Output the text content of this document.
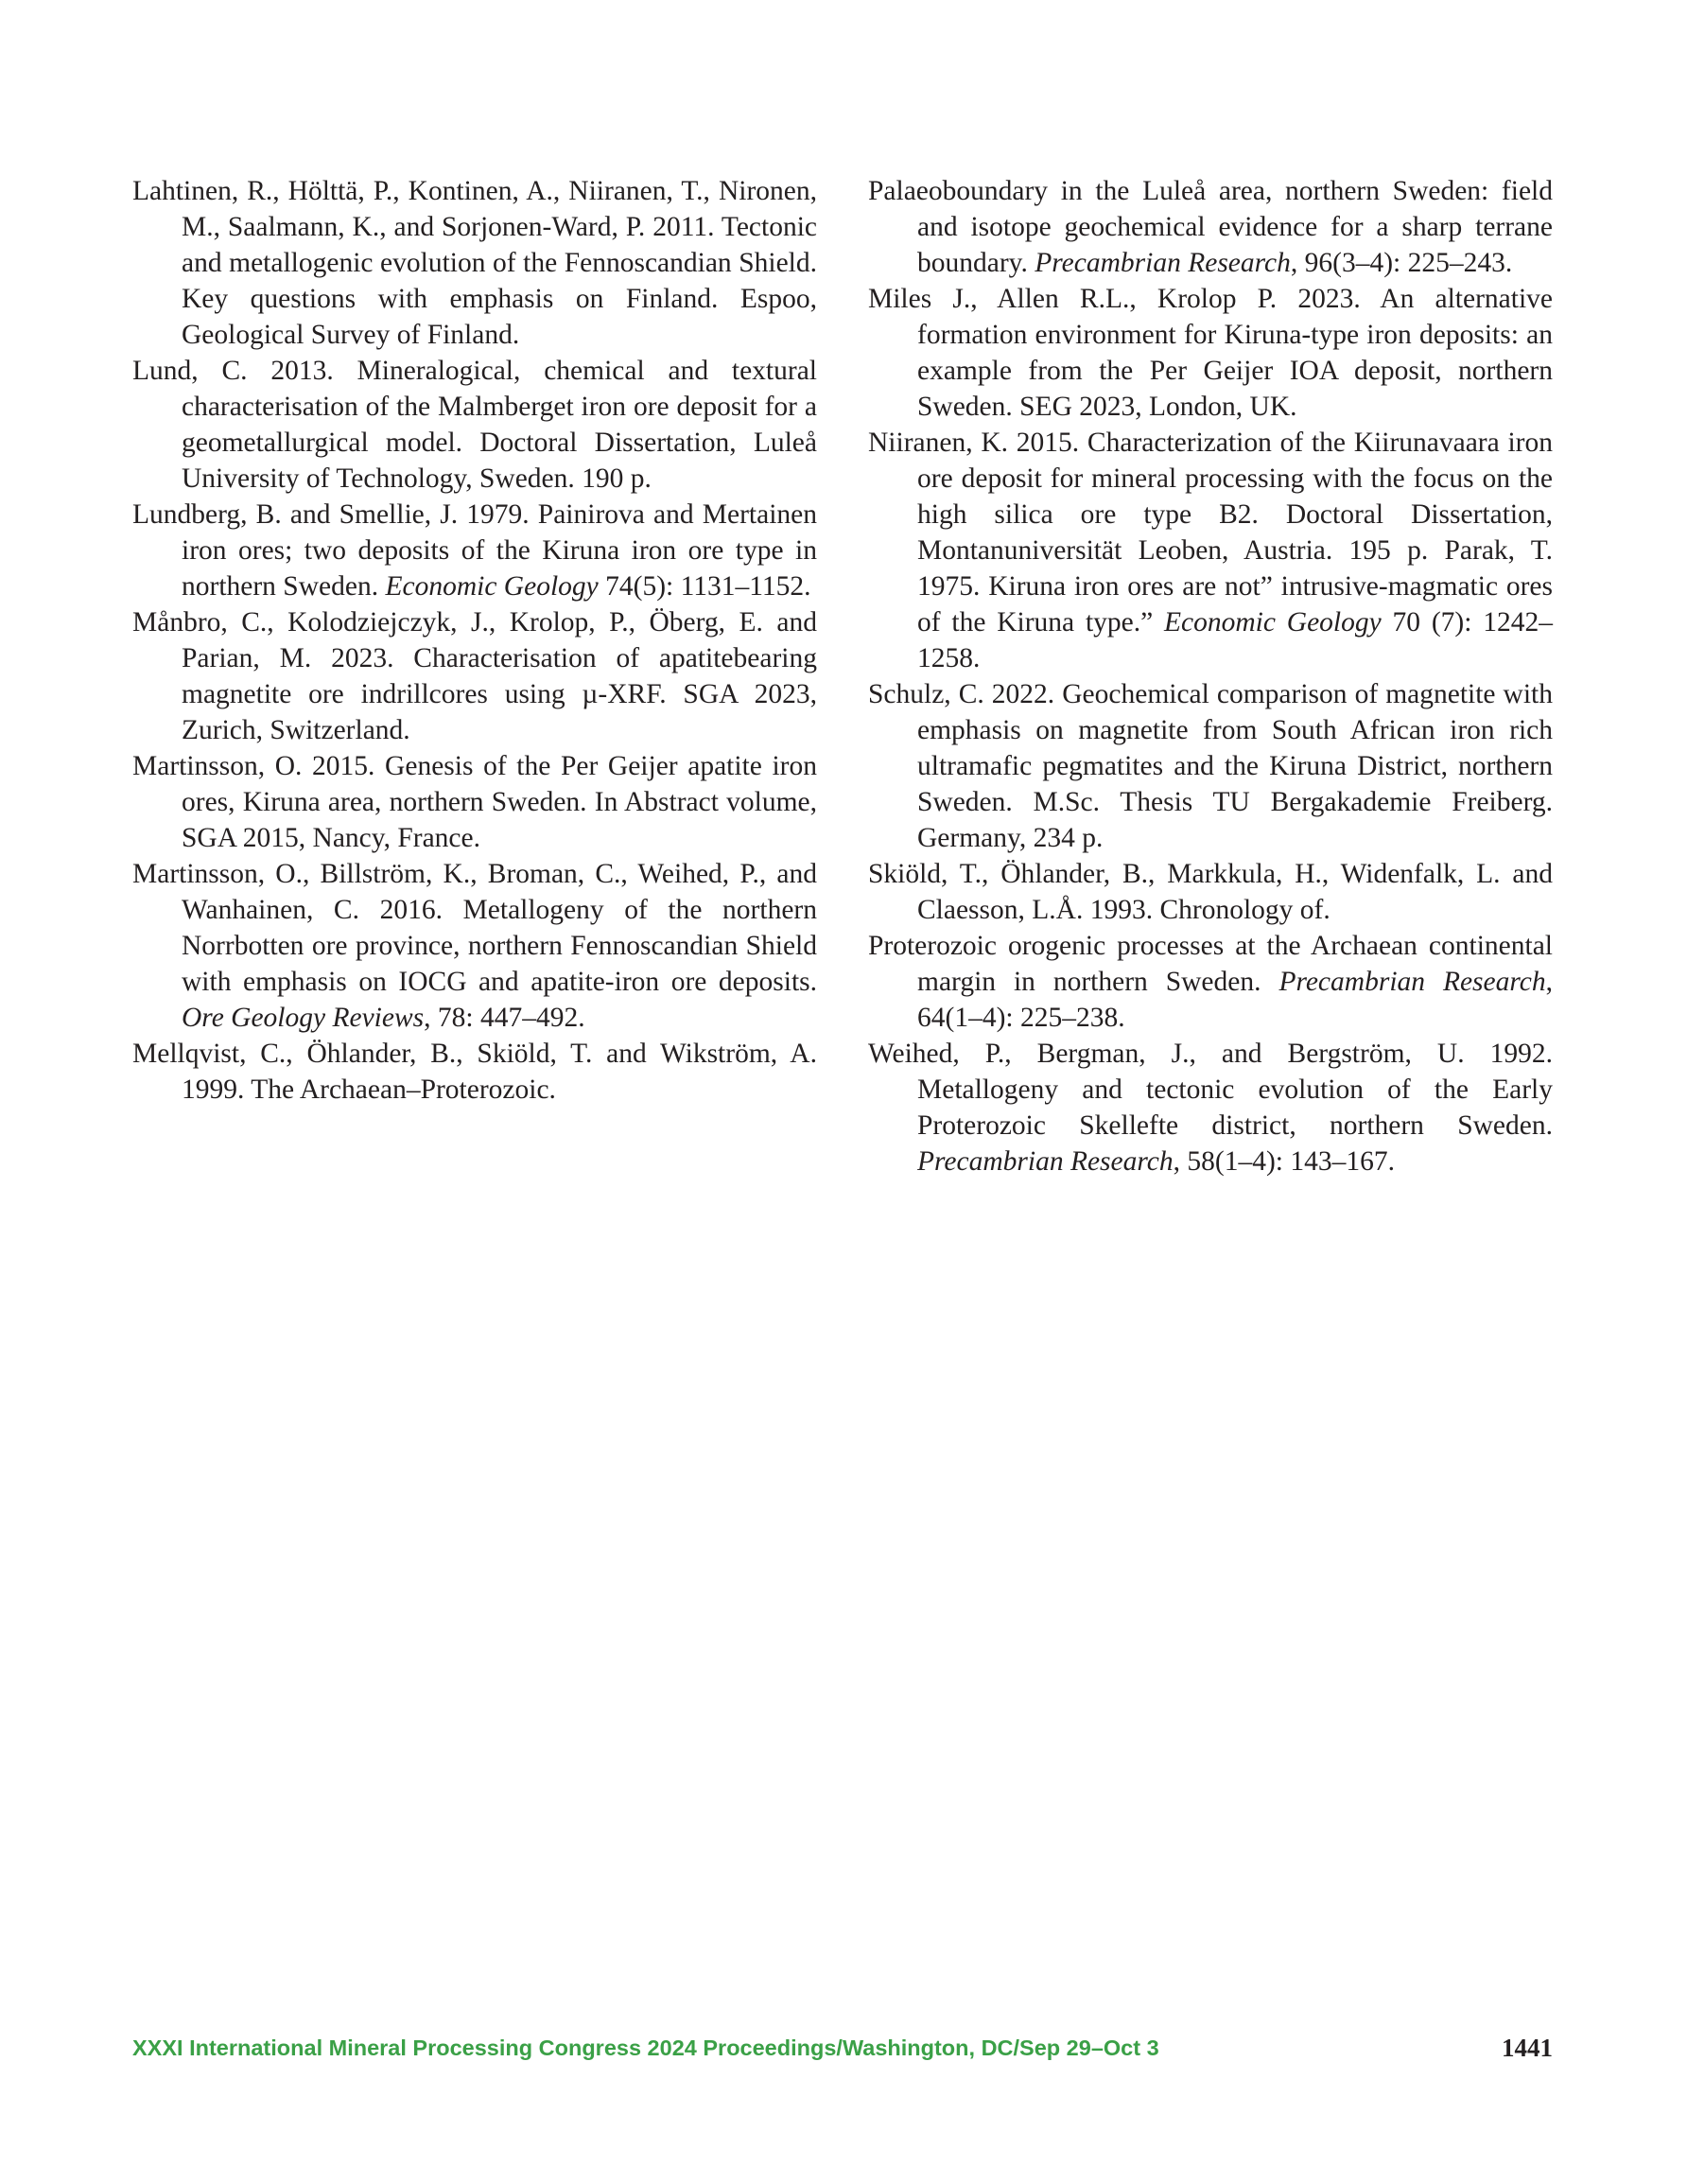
Lahtinen, R., Hölttä, P., Kontinen, A., Niiranen, T., Nironen, M., Saalmann, K., and Sorjonen-Ward, P. 2011. Tectonic and metallogenic evolution of the Fennoscandian Shield. Key questions with emphasis on Finland. Espoo, Geological Survey of Finland.

Lund, C. 2013. Mineralogical, chemical and textural characterisation of the Malmberget iron ore deposit for a geometallurgical model. Doctoral Dissertation, Luleå University of Technology, Sweden. 190 p.

Lundberg, B. and Smellie, J. 1979. Painirova and Mertainen iron ores; two deposits of the Kiruna iron ore type in northern Sweden. Economic Geology 74(5): 1131–1152.

Månbro, C., Kolodziejczyk, J., Krolop, P., Öberg, E. and Parian, M. 2023. Characterisation of apatitebearing magnetite ore indrillcores using µ-XRF. SGA 2023, Zurich, Switzerland.

Martinsson, O. 2015. Genesis of the Per Geijer apatite iron ores, Kiruna area, northern Sweden. In Abstract volume, SGA 2015, Nancy, France.

Martinsson, O., Billström, K., Broman, C., Weihed, P., and Wanhainen, C. 2016. Metallogeny of the northern Norrbotten ore province, northern Fennoscandian Shield with emphasis on IOCG and apatite-iron ore deposits. Ore Geology Reviews, 78: 447–492.

Mellqvist, C., Öhlander, B., Skiöld, T. and Wikström, A. 1999. The Archaean–Proterozoic.

Palaeoboundary in the Luleå area, northern Sweden: field and isotope geochemical evidence for a sharp terrane boundary. Precambrian Research, 96(3–4): 225–243.

Miles J., Allen R.L., Krolop P. 2023. An alternative formation environment for Kiruna-type iron deposits: an example from the Per Geijer IOA deposit, northern Sweden. SEG 2023, London, UK.

Niiranen, K. 2015. Characterization of the Kiirunavaara iron ore deposit for mineral processing with the focus on the high silica ore type B2. Doctoral Dissertation, Montanuniversität Leoben, Austria. 195 p. Parak, T. 1975. Kiruna iron ores are not” intrusive-magmatic ores of the Kiruna type.” Economic Geology 70 (7): 1242–1258.

Schulz, C. 2022. Geochemical comparison of magnetite with emphasis on magnetite from South African iron rich ultramafic pegmatites and the Kiruna District, northern Sweden. M.Sc. Thesis TU Bergakademie Freiberg. Germany, 234 p.

Skiöld, T., Öhlander, B., Markkula, H., Widenfalk, L. and Claesson, L.Å. 1993. Chronology of.

Proterozoic orogenic processes at the Archaean continental margin in northern Sweden. Precambrian Research, 64(1–4): 225–238.

Weihed, P., Bergman, J., and Bergström, U. 1992. Metallogeny and tectonic evolution of the Early Proterozoic Skellefte district, northern Sweden. Precambrian Research, 58(1–4): 143–167.

XXXI International Mineral Processing Congress 2024 Proceedings/Washington, DC/Sep 29–Oct 3	1441
